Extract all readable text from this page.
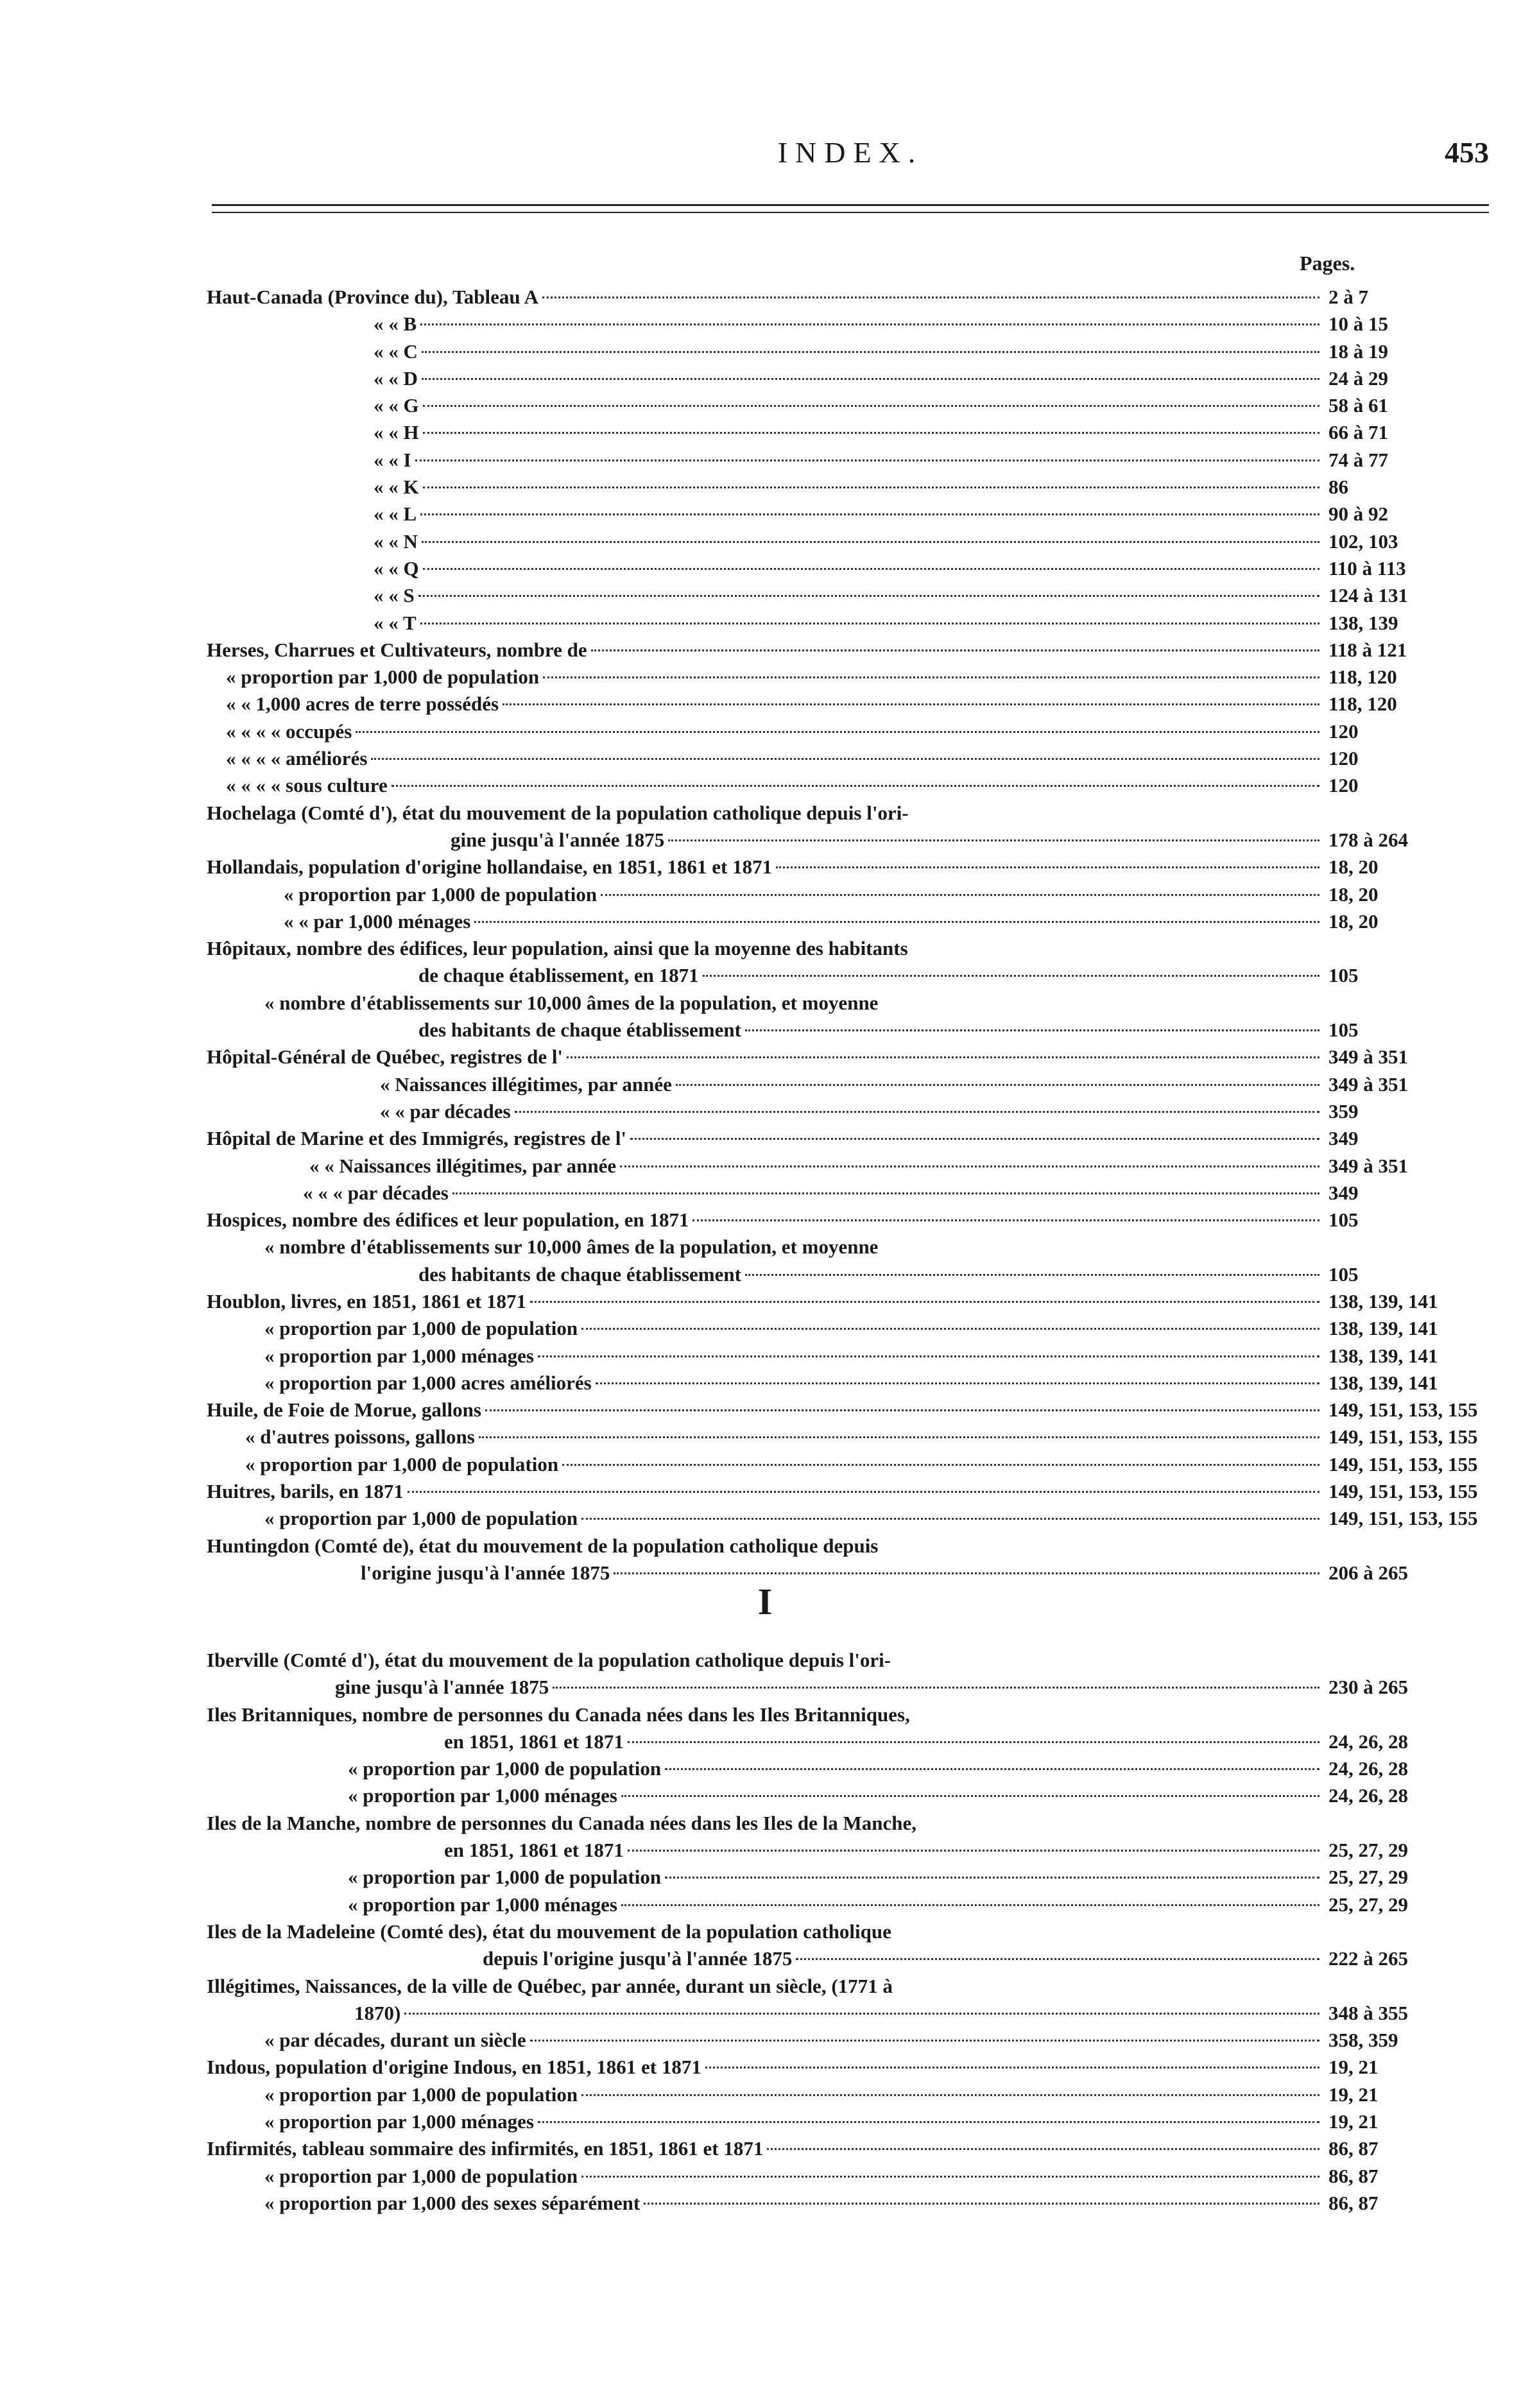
INDEX.	453
Pages.
Haut-Canada (Province du), Tableau A	2 à 7
« « B	10 à 15
« « C	18 à 19
« « D	24 à 29
« « G	58 à 61
« « H	66 à 71
« « I	74 à 77
« « K	86
« « L	90 à 92
« « N	102, 103
« « Q	110 à 113
« « S	124 à 131
« « T	138, 139
Herses, Charrues et Cultivateurs, nombre de	118 à 121
« proportion par 1,000 de population	118, 120
« « 1,000 acres de terre possédés	118, 120
« « « « occupés	120
« « « « améliorés	120
« « « « sous culture	120
Hochelaga (Comté d'), état du mouvement de la population catholique depuis l'ori-
gine jusqu'à l'année 1875	178 à 264
Hollandais, population d'origine hollandaise, en 1851, 1861 et 1871	18, 20
« proportion par 1,000 de population	18, 20
« « par 1,000 ménages	18, 20
Hôpitaux, nombre des édifices, leur population, ainsi que la moyenne des habitants
de chaque établissement, en 1871	105
« nombre d'établissements sur 10,000 âmes de la population, et moyenne
des habitants de chaque établissement	105
Hôpital-Général de Québec, registres de l'	349 à 351
« Naissances illégitimes, par année	349 à 351
« « par décades	359
Hôpital de Marine et des Immigrés, registres de l'	349
« « Naissances illégitimes, par année	349 à 351
« « « par décades	349
Hospices, nombre des édifices et leur population, en 1871	105
« nombre d'établissements sur 10,000 âmes de la population, et moyenne
des habitants de chaque établissement	105
Houblon, livres, en 1851, 1861 et 1871	138, 139, 141
« proportion par 1,000 de population	138, 139, 141
« proportion par 1,000 ménages	138, 139, 141
« proportion par 1,000 acres améliorés	138, 139, 141
Huile, de Foie de Morue, gallons	149, 151, 153, 155
« d'autres poissons, gallons	149, 151, 153, 155
« proportion par 1,000 de population	149, 151, 153, 155
Huitres, barils, en 1871	149, 151, 153, 155
« proportion par 1,000 de population	149, 151, 153, 155
Huntingdon (Comté de), état du mouvement de la population catholique depuis
l'origine jusqu'à l'année 1875	206 à 265
I
Iberville (Comté d'), état du mouvement de la population catholique depuis l'ori-
gine jusqu'à l'année 1875	230 à 265
Iles Britanniques, nombre de personnes du Canada nées dans les Iles Britanniques,
en 1851, 1861 et 1871	24, 26, 28
« proportion par 1,000 de population	24, 26, 28
« proportion par 1,000 ménages	24, 26, 28
Iles de la Manche, nombre de personnes du Canada nées dans les Iles de la Manche,
en 1851, 1861 et 1871	25, 27, 29
« proportion par 1,000 de population	25, 27, 29
« proportion par 1,000 ménages	25, 27, 29
Iles de la Madeleine (Comté des), état du mouvement de la population catholique
depuis l'origine jusqu'à l'année 1875	222 à 265
Illégitimes, Naissances, de la ville de Québec, par année, durant un siècle, (1771 à
1870)	348 à 355
« par décades, durant un siècle	358, 359
Indous, population d'origine Indous, en 1851, 1861 et 1871	19, 21
« proportion par 1,000 de population	19, 21
« proportion par 1,000 ménages	19, 21
Infirmités, tableau sommaire des infirmités, en 1851, 1861 et 1871	86, 87
« proportion par 1,000 de population	86, 87
« proportion par 1,000 des sexes séparément	86, 87
